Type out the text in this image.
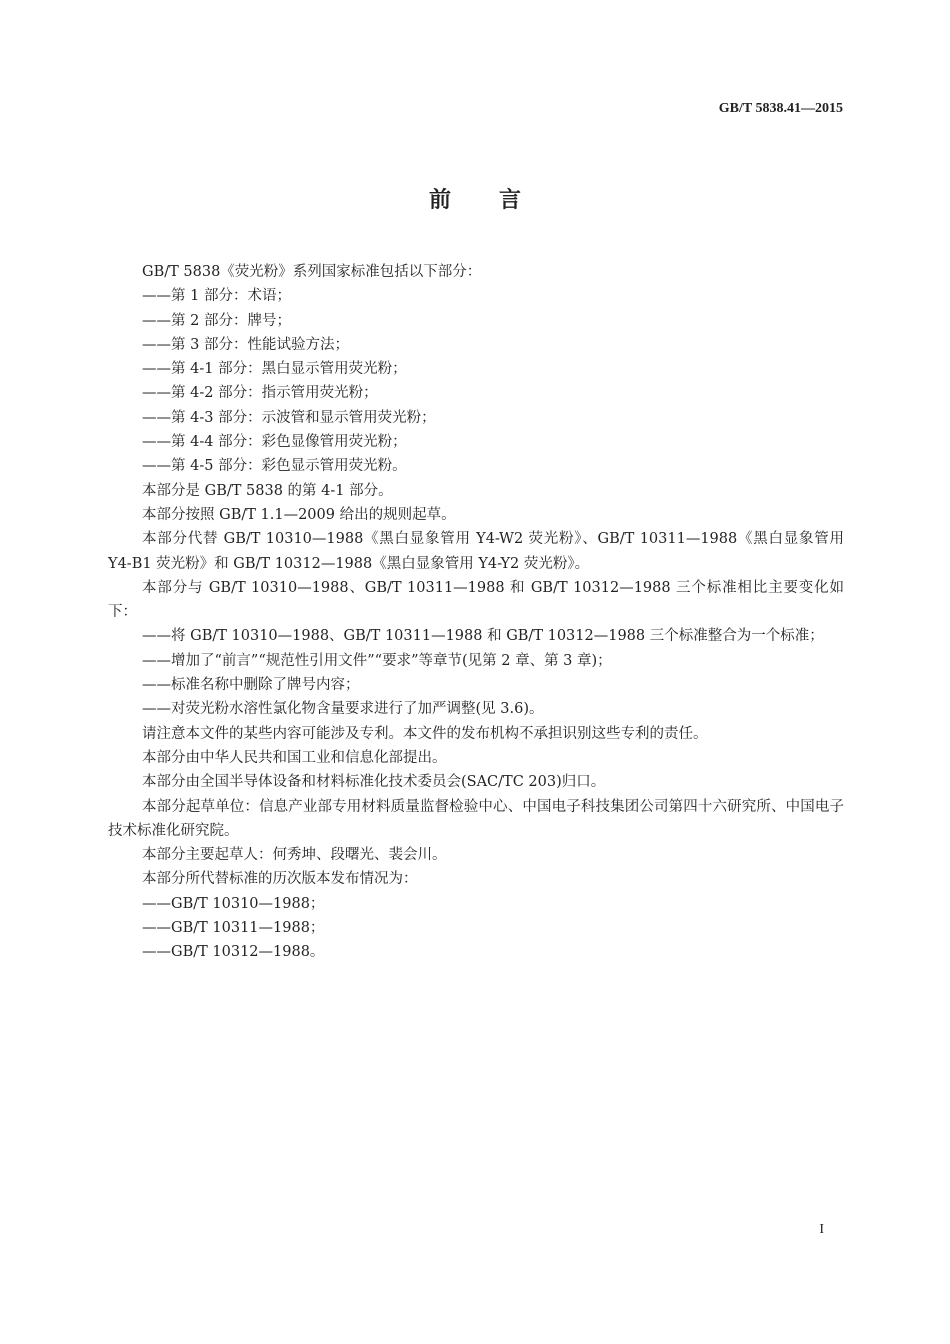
GB/T 5838.41—2015
前言

GB/T 5838《荧光粉》系列国家标准包括以下部分：

——第 1 部分：术语；

——第 2 部分：牌号；

——第 3 部分：性能试验方法；

——第 4-1 部分：黑白显示管用荧光粉；

——第 4-2 部分：指示管用荧光粉；

——第 4-3 部分：示波管和显示管用荧光粉；

——第 4-4 部分：彩色显像管用荧光粉；

——第 4-5 部分：彩色显示管用荧光粉。

本部分是 GB/T 5838 的第 4-1 部分。

本部分按照 GB/T 1.1—2009 给出的规则起草。

本部分代替 GB/T 10310—1988《黑白显象管用 Y4-W2 荧光粉》、GB/T 10311—1988《黑白显象管用 Y4-B1 荧光粉》和 GB/T 10312—1988《黑白显象管用 Y4-Y2 荧光粉》。

本部分与 GB/T 10310—1988、GB/T 10311—1988 和 GB/T 10312—1988 三个标准相比主要变化如下：

——将 GB/T 10310—1988、GB/T 10311—1988 和 GB/T 10312—1988 三个标准整合为一个标准；

——增加了“前言”“规范性引用文件”“要求”等章节(见第 2 章、第 3 章)；

——标准名称中删除了牌号内容；

——对荧光粉水溶性氯化物含量要求进行了加严调整(见 3.6)。

请注意本文件的某些内容可能涉及专利。本文件的发布机构不承担识别这些专利的责任。

本部分由中华人民共和国工业和信息化部提出。

本部分由全国半导体设备和材料标准化技术委员会(SAC/TC 203)归口。

本部分起草单位：信息产业部专用材料质量监督检验中心、中国电子科技集团公司第四十六研究所、中国电子技术标准化研究院。

本部分主要起草人：何秀坤、段曙光、裴会川。

本部分所代替标准的历次版本发布情况为：

——GB/T 10310—1988；

——GB/T 10311—1988；

——GB/T 10312—1988。

I
